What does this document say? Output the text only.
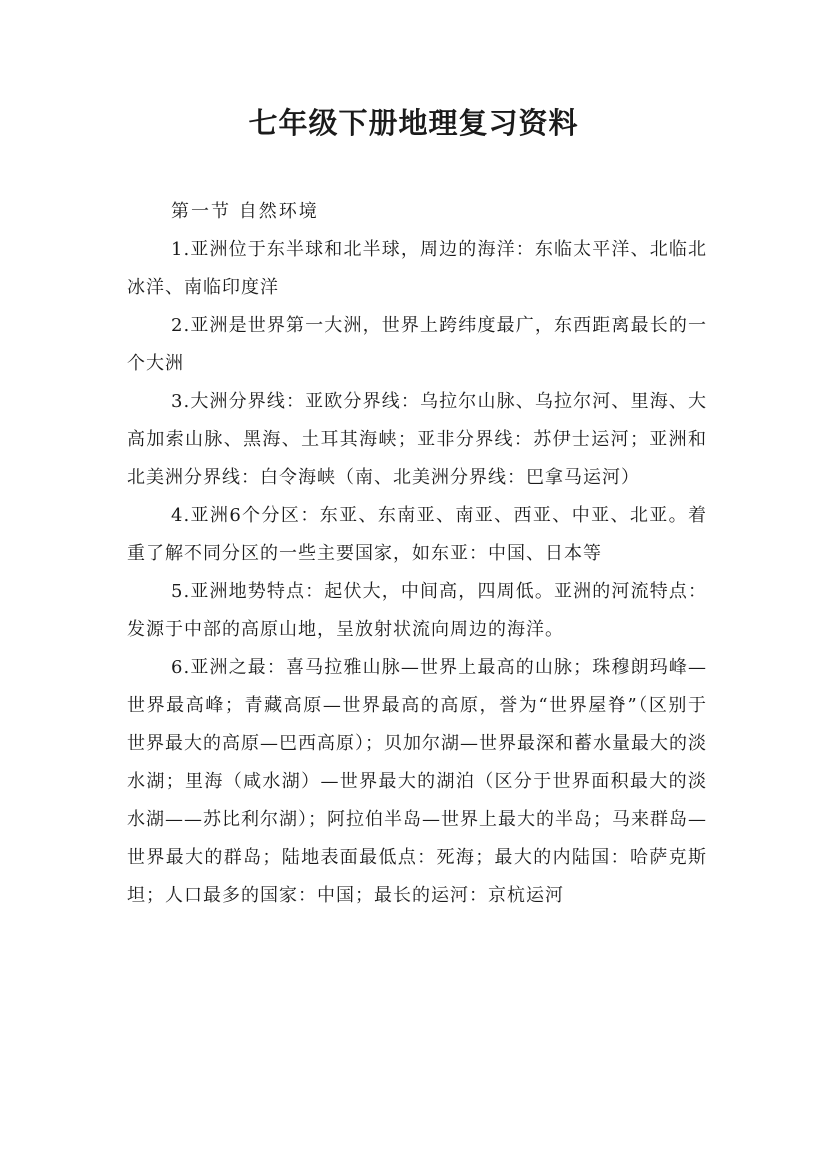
七年级下册地理复习资料

第一节 自然环境

1.亚洲位于东半球和北半球，周边的海洋：东临太平洋、北临北冰洋、南临印度洋

2.亚洲是世界第一大洲，世界上跨纬度最广，东西距离最长的一个大洲

3.大洲分界线：亚欧分界线：乌拉尔山脉、乌拉尔河、里海、大高加索山脉、黑海、土耳其海峡；亚非分界线：苏伊士运河；亚洲和北美洲分界线：白令海峡（南、北美洲分界线：巴拿马运河）

4.亚洲6个分区：东亚、东南亚、南亚、西亚、中亚、北亚。着重了解不同分区的一些主要国家，如东亚：中国、日本等

5.亚洲地势特点：起伏大，中间高，四周低。亚洲的河流特点：发源于中部的高原山地，呈放射状流向周边的海洋。

6.亚洲之最：喜马拉雅山脉—世界上最高的山脉；珠穆朗玛峰—世界最高峰；青藏高原—世界最高的高原，誉为“世界屋脊”（区别于世界最大的高原—巴西高原）；贝加尔湖—世界最深和蓄水量最大的淡水湖；里海（咸水湖）—世界最大的湖泊（区分于世界面积最大的淡水湖——苏比利尔湖）；阿拉伯半岛—世界上最大的半岛；马来群岛—世界最大的群岛；陆地表面最低点：死海；最大的内陆国：哈萨克斯坦；人口最多的国家：中国；最长的运河：京杭运河
